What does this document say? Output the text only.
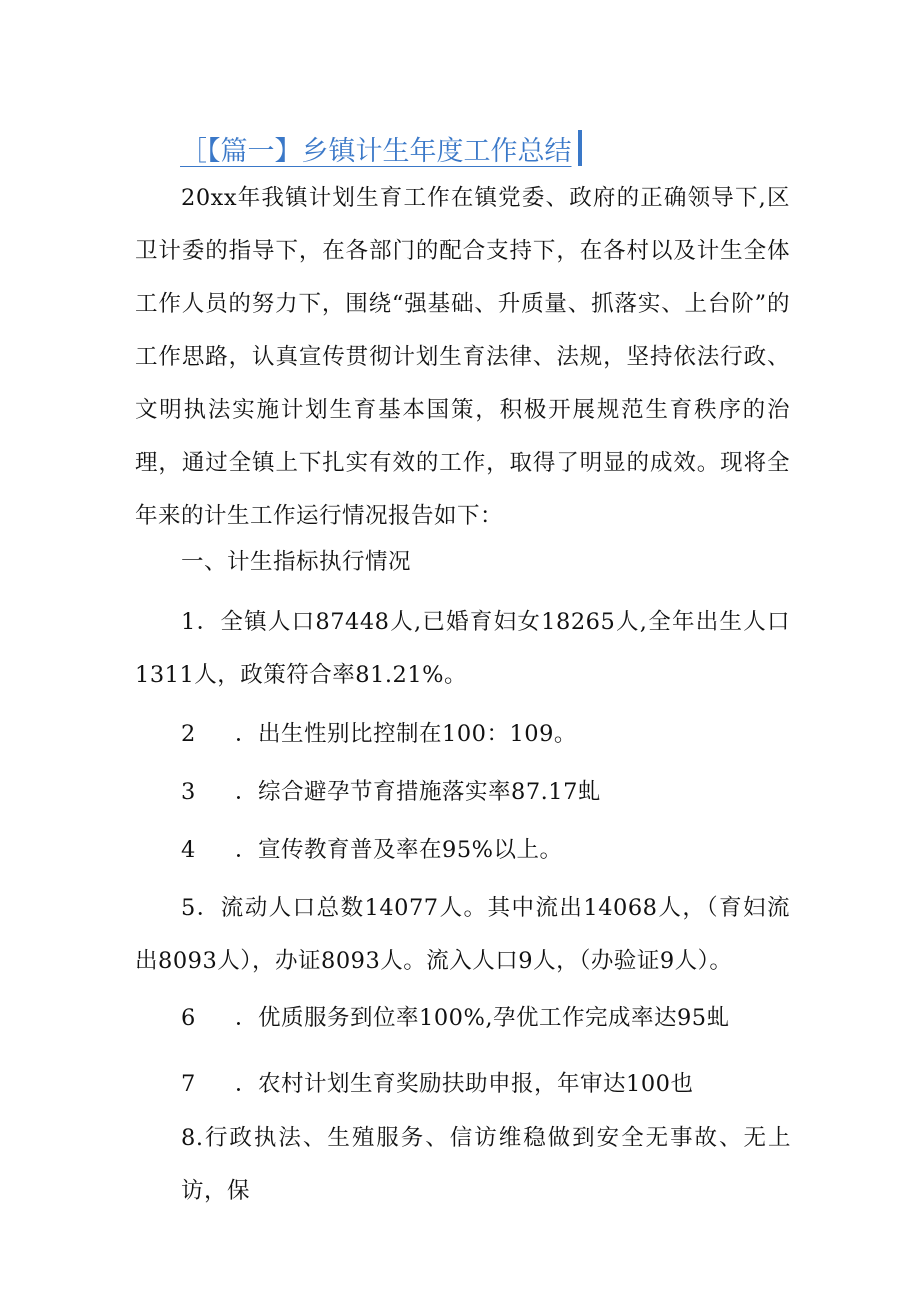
［【篇一】乡镇计生年度工作总结
20xx年我镇计划生育工作在镇党委、政府的正确领导下,区卫计委的指导下，在各部门的配合支持下，在各村以及计生全体工作人员的努力下，围绕“强基础、升质量、抓落实、上台阶”的工作思路，认真宣传贯彻计划生育法律、法规，坚持依法行政、文明执法实施计划生育基本国策，积极开展规范生育秩序的治理，通过全镇上下扎实有效的工作，取得了明显的成效。现将全年来的计生工作运行情况报告如下：
一、计生指标执行情况
1．全镇人口87448人,已婚育妇女18265人,全年出生人口1311人，政策符合率81.21%。
2 ．出生性别比控制在100：109。
3 ．综合避孕节育措施落实率87.17虬
4 ．宣传教育普及率在95%以上。
5．流动人口总数14077人。其中流出14068人，（育妇流出8093人），办证8093人。流入人口9人，（办验证9人）。
6 ．优质服务到位率100%,孕优工作完成率达95虬
7 ．农村计划生育奖励扶助申报，年审达100也
8.行政执法、生殖服务、信访维稳做到安全无事故、无上访，保
